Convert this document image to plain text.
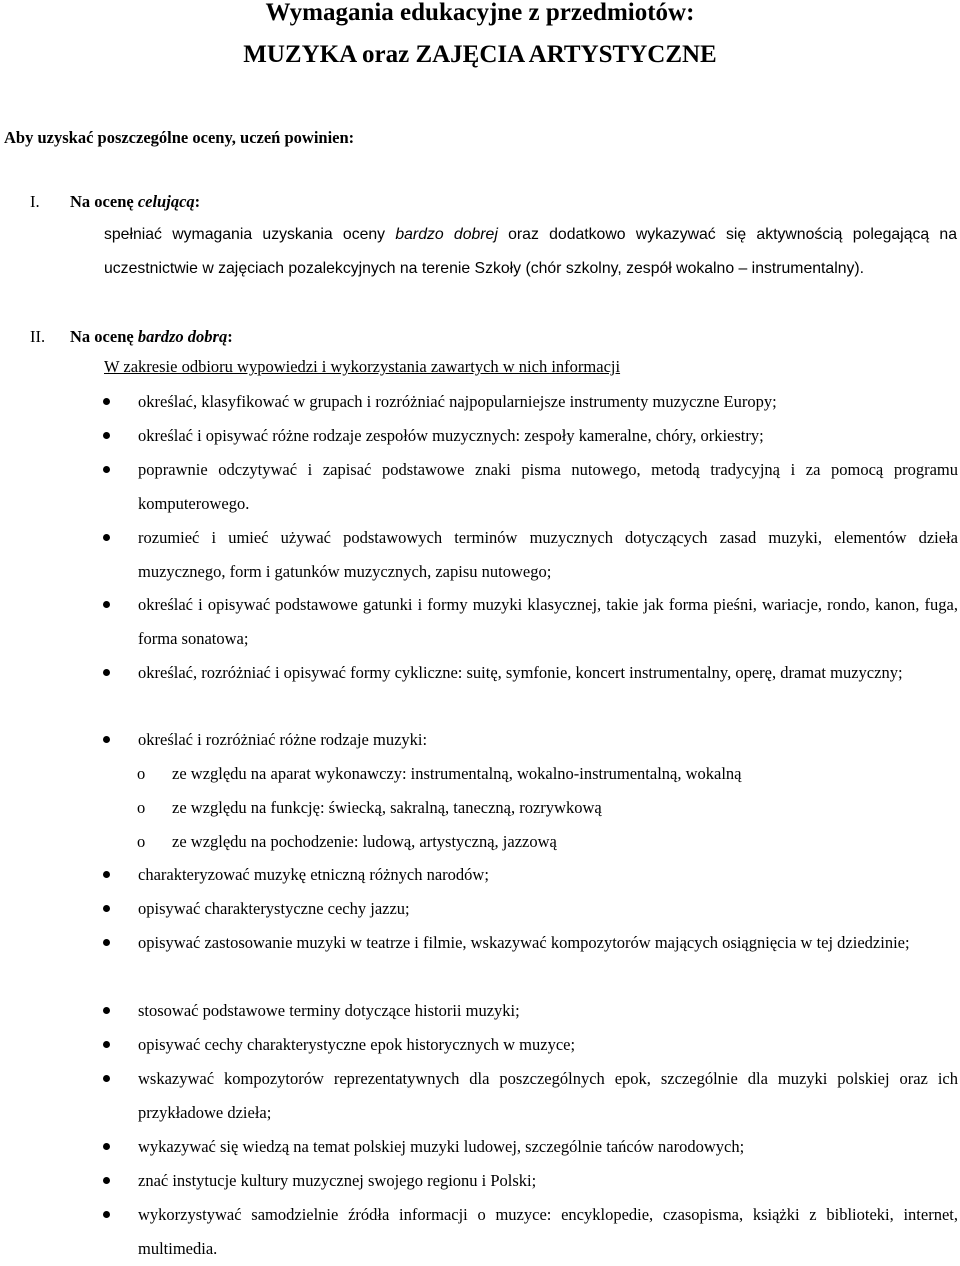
Wymagania edukacyjne z przedmiotów:
MUZYKA oraz ZAJĘCIA ARTYSTYCZNE
Aby uzyskać poszczególne oceny, uczeń powinien:
I. Na ocenę celującą:

spełniać wymagania uzyskania oceny bardzo dobrej oraz dodatkowo wykazywać się aktywnością polegającą na uczestnictwie w zajęciach pozalekcyjnych na terenie Szkoły (chór szkolny, zespół wokalno – instrumentalny).

II. Na ocenę bardzo dobrą:
W zakresie odbioru wypowiedzi i wykorzystania zawartych w nich informacji
określać, klasyfikować w grupach i rozróżniać najpopularniejsze instrumenty muzyczne Europy;
określać i opisywać różne rodzaje zespołów muzycznych: zespoły kameralne, chóry, orkiestry;
poprawnie odczytywać i zapisać podstawowe znaki pisma nutowego, metodą tradycyjną i za pomocą programu komputerowego.
rozumieć i umieć używać podstawowych terminów muzycznych dotyczących zasad muzyki, elementów dzieła muzycznego, form i gatunków muzycznych, zapisu nutowego;
określać i opisywać podstawowe gatunki i formy muzyki klasycznej, takie jak forma pieśni, wariacje, rondo, kanon, fuga, forma sonatowa;
określać, rozróżniać i opisywać formy cykliczne: suitę, symfonie, koncert instrumentalny, operę, dramat muzyczny;
określać i rozróżniać różne rodzaje muzyki:
o ze względu na aparat wykonawczy: instrumentalną, wokalno-instrumentalną, wokalną
o ze względu na funkcję: świecką, sakralną, taneczną, rozrywkową
o ze względu na pochodzenie: ludową, artystyczną, jazzową
charakteryzować muzykę etniczną różnych narodów;
opisywać charakterystyczne cechy jazzu;
opisywać zastosowanie muzyki w teatrze i filmie, wskazywać kompozytorów mających osiągnięcia w tej dziedzinie;
stosować podstawowe terminy dotyczące historii muzyki;
opisywać cechy charakterystyczne epok historycznych w muzyce;
wskazywać kompozytorów reprezentatywnych dla poszczególnych epok, szczególnie dla muzyki polskiej oraz ich przykładowe dzieła;
wykazywać się wiedzą na temat polskiej muzyki ludowej, szczególnie tańców narodowych;
znać instytucje kultury muzycznej swojego regionu i Polski;
wykorzystywać samodzielnie źródła informacji o muzyce: encyklopedie, czasopisma, książki z biblioteki, internet, multimedia.
